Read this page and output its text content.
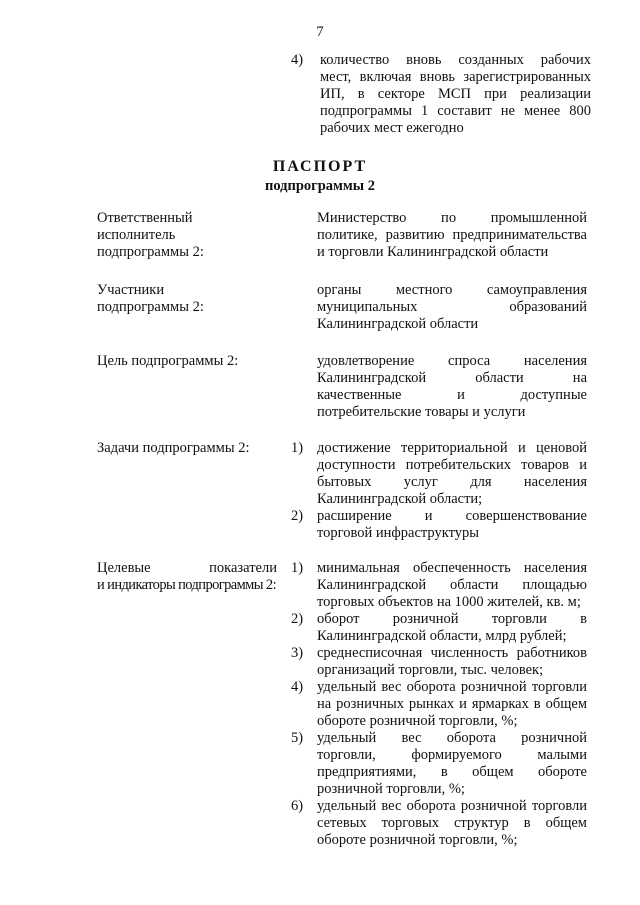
7
4) количество вновь созданных рабочих
мест, включая вновь зарегистрированных
ИП, в секторе МСП при реализации
подпрограммы 1 составит не менее 800
рабочих мест ежегодно
ПАСПОРТ
подпрограммы 2
Ответственный
исполнитель
подпрограммы 2:
Министерство по промышленной
политике, развитию предпринимательства
и торговли Калининградской области
Участники
подпрограммы 2:
органы местного самоуправления
муниципальных образований
Калининградской области
Цель подпрограммы 2:	удовлетворение спроса населения
Калининградской области на
качественные и доступные
потребительские товары и услуги
Задачи подпрограммы 2:	1) достижение территориальной и ценовой
доступности потребительских товаров и
бытовых услуг для населения
Калининградской области;
2) расширение и совершенствование
торговой инфраструктуры
Целевые показатели
и индикаторы подпрограммы 2:
1) минимальная обеспеченность населения
Калининградской области площадью
торговых объектов на 1000 жителей, кв. м;
2) оборот розничной торговли в
Калининградской области, млрд рублей;
3) среднесписочная численность работников
организаций торговли, тыс. человек;
4) удельный вес оборота розничной торговли
на розничных рынках и ярмарках в общем
обороте розничной торговли, %;
5) удельный вес оборота розничной
торговли, формируемого малыми
предприятиями, в общем обороте
розничной торговли, %;
6) удельный вес оборота розничной торговли
сетевых торговых структур в общем
обороте розничной торговли, %;
